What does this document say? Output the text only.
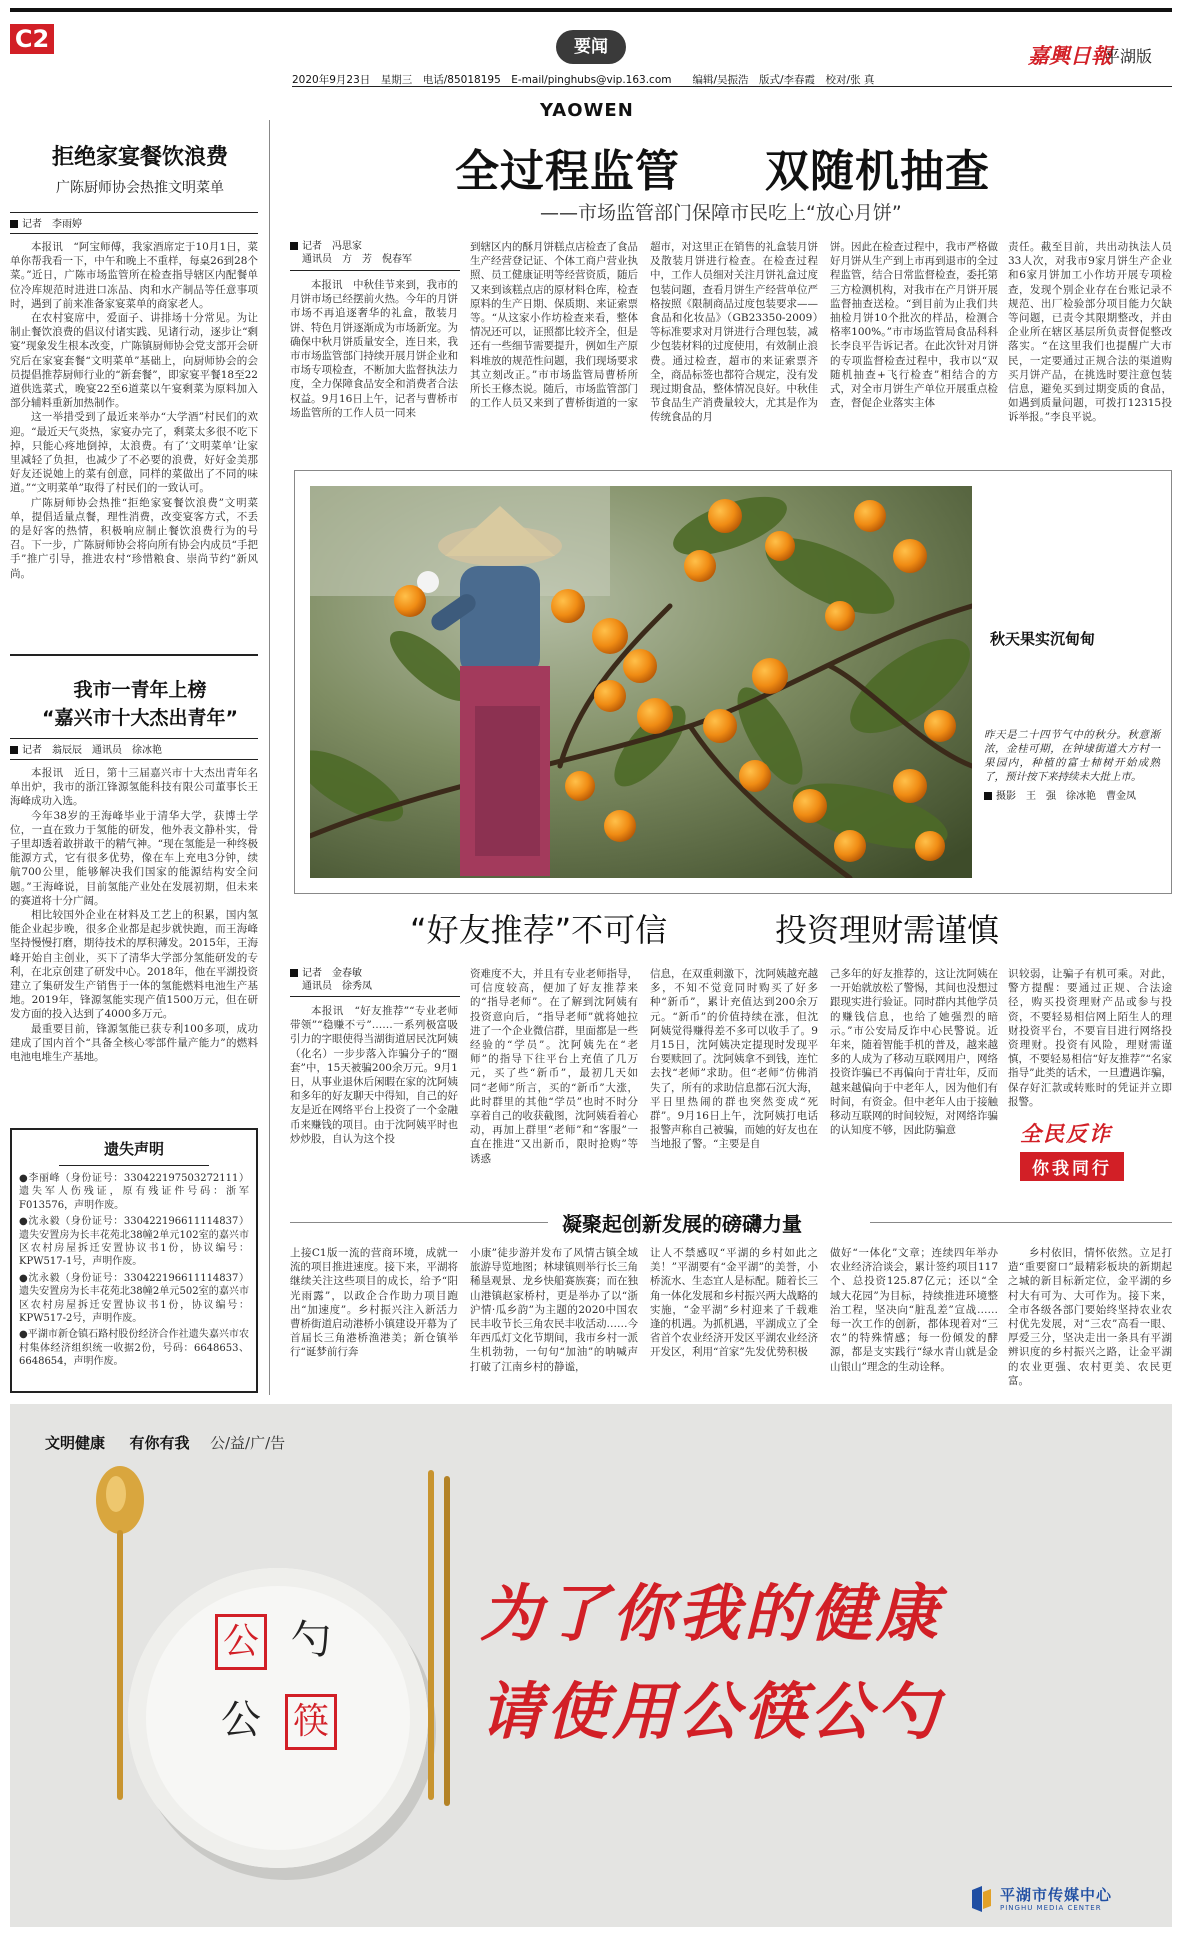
C2	要闻
2020年9月23日　星期三　电话/85018195　E-mail/pinghubs@vip.163.com　　编辑/吴振浩　版式/李春霞　校对/张 真
嘉興日報
平湖版
YAOWEN
拒绝家宴餐饮浪费
广陈厨师协会热推文明菜单
记者　李雨婷

本报讯　“阿宝师傅，我家酒席定于10月1日，菜单你帮我看一下，中午和晚上不重样，每桌26到28个菜。”近日，广陈市场监管所在检查指导辖区内配餐单位冷库规范时进进口冻品、肉和水产制品等任意事项时，遇到了前来准备家宴菜单的商家老人。

在农村宴席中，爱面子、讲排场十分常见。为让制止餐饮浪费的倡议付诸实践、见诸行动，逐步让“剩宴”现象发生根本改变，广陈镇厨师协会党支部开会研究后在家宴套餐“文明菜单”基础上，向厨师协会的会员提倡推荐厨师行业的“新套餐”，即家宴平餐18至22道供选菜式，晚宴22至6道菜以午宴剩菜为原料加入部分辅料重新加热制作。

这一举措受到了最近来举办“大学酒”村民们的欢迎。“最近天气炎热，家宴办完了，剩菜太多很不吃下掉，只能心疼地倒掉，太浪费。有了‘文明菜单’让家里减轻了负担，也减少了不必要的浪费，好好金美那好友还说她上的菜有创意，同样的菜做出了不同的味道。”“文明菜单”取得了村民们的一致认可。

广陈厨师协会热推“拒绝家宴餐饮浪费”文明菜单，提倡适量点餐，理性消费，改变宴客方式，不丢的是好客的热情，积极响应制止餐饮浪费行为的号召。下一步，广陈厨师协会将向所有协会内成员“手把手”推广引导，推进农村“珍惜粮食、崇尚节约”新风尚。

我市一青年上榜
“嘉兴市十大杰出青年”
记者　翁辰辰　通讯员　徐冰艳

本报讯　近日，第十三届嘉兴市十大杰出青年名单出炉，我市的浙江锋源氢能科技有限公司董事长王海峰成功入选。

今年38岁的王海峰毕业于清华大学，获博士学位，一直在致力于氢能的研发，他外表文静朴实，骨子里却透着敢拼敢干的精气神。“现在氢能是一种终极能源方式，它有很多优势，像在车上充电3分钟，续航700公里，能够解决我们国家的能源结构安全问题。”王海峰说，目前氢能产业处在发展初期，但未来的赛道将十分广阔。

相比较国外企业在材料及工艺上的积累，国内氢能企业起步晚，很多企业都是起步就快跑，而王海峰坚持慢慢打磨，期待技术的厚积薄发。2015年，王海峰开始自主创业，买下了清华大学部分氢能研发的专利，在北京创建了研发中心。2018年，他在平湖投资建立了集研发生产销售于一体的氢能燃料电池生产基地。2019年，锋源氢能实现产值1500万元，但在研发方面的投入达到了4000多万元。

最重要目前，锋源氢能已获专利100多项，成功建成了国内首个“具备全核心零部件量产能力”的燃料电池电堆生产基地。

遗失声明
●李丽峰（身份证号：330422197503272111）遗失军人伤残证，原有残证件号码：浙军F013576，声明作废。
●沈永毅（身份证号：330422196611114837）遗失安置房为长丰花苑北38幢2单元102室的嘉兴市区农村房屋拆迁安置协议书1份，协议编号：KPW517-1号，声明作废。
●沈永毅（身份证号：330422196611114837）遗失安置房为长丰花苑北38幢2单元502室的嘉兴市区农村房屋拆迁安置协议书1份，协议编号：KPW517-2号，声明作废。
●平湖市新仓镇石路村股份经济合作社遗失嘉兴市农村集体经济组织统一收据2份，号码：6648653、6648654，声明作废。
全过程监管 双随机抽查
——市场监管部门保障市民吃上“放心月饼”
记者　冯思家
通讯员　方　芳　倪春军

本报讯　中秋佳节来到，我市的月饼市场已经摆前火热。今年的月饼市场不再追逐奢华的礼盒，散装月饼、特色月饼逐渐成为市场新宠。为确保中秋月饼质量安全，连日来，我市市场监管部门持续开展月饼企业和市场专项检查，不断加大监督执法力度，全力保障食品安全和消费者合法权益。9月16日上午，记者与曹桥市场监管所的工作人员一同来

到辖区内的酥月饼糕点店检查了食品生产经营登记证、个体工商户营业执照、员工健康证明等经营资质，随后又来到该糕点店的原材料仓库，检查原料的生产日期、保质期、来证索票等。“从这家小作坊检查来看，整体情况还可以，证照都比较齐全，但是还有一些细节需要提升，例如生产原料堆放的规范性问题，我们现场要求其立刻改正。”市市场监管局曹桥所所长王修杰说。随后，市场监管部门的工作人员又来到了曹桥街道的一家

超市，对这里正在销售的礼盒装月饼及散装月饼进行检查。在检查过程中，工作人员细对关注月饼礼盒过度包装问题，查看月饼生产经营单位严格按照《限制商品过度包装要求——食品和化妆品》（GB23350-2009）等标准要求对月饼进行合理包装，减少包装材料的过度使用，有效制止浪费。通过检查，超市的来证索票齐全，商品标签也都符合规定，没有发现过期食品，整体情况良好。中秋佳节食品生产消费量较大，尤其是作为传统食品的月

饼。因此在检查过程中，我市严格做好月饼从生产到上市再到退市的全过程监管，结合日常监督检查，委托第三方检测机构，对我市在产月饼开展监督抽查送检。“到目前为止我们共抽检月饼10个批次的样品，检测合格率100%。”市市场监管局食品科科长李良平告诉记者。在此次针对月饼的专项监督检查过程中，我市以“双随机抽查+飞行检查”相结合的方式，对全市月饼生产单位开展重点检查，督促企业落实主体

责任。截至目前，共出动执法人员33人次，对我市9家月饼生产企业和6家月饼加工小作坊开展专项检查，发现个别企业存在台账记录不规范、出厂检验部分项目能力欠缺等问题，已责令其限期整改，并由企业所在辖区基层所负责督促整改落实。“在这里我们也提醒广大市民，一定要通过正规合法的渠道购买月饼产品，在挑选时要注意包装信息，避免买到过期变质的食品，如遇到质量问题，可拨打12315投诉举报。”李良平说。

秋天果实沉甸甸
昨天是二十四节气中的秋分。秋意渐浓，金桂可期，在钟埭街道大方村一果园内，种植的富士柿树开始成熟了，预计按下来持续未大批上市。
摄影　王　强　徐冰艳　曹金凤
“好友推荐”不可信	投资理财需谨慎
记者　金春敏
通讯员　徐秀凤

本报讯　“好友推荐”“专业老师带领”“稳赚不亏”……一系列极富吸引力的字眼使得当湖街道居民沈阿姨（化名）一步步落入诈骗分子的“圈套”中，15天被骗200余万元。9月1日，从事业退休后闲暇在家的沈阿姨和多年的好友聊天中得知，自己的好友是近在网络平台上投资了一个金融币来赚钱的项目。由于沈阿姨平时也炒炒股，自认为这个投

资难度不大，并且有专业老师指导，可信度较高，便加了好友推荐来的“指导老师”。在了解到沈阿姨有投资意向后，“指导老师”就将她拉进了一个企业微信群，里面都是一些经验的“学员”。沈阿姨先在“老师”的指导下往平台上充值了几万元，买了些“新币”，最初几天如同“老师”所言，买的“新币”大涨，此时群里的其他“学员”也时不时分享着自己的收获截图，沈阿姨看着心动，再加上群里“老师”和“客服”一直在推进“又出新币，限时抢购”等诱惑

信息，在双重刺激下，沈阿姨越充越多，不知不觉竟同时购买了好多种“新币”，累计充值达到200余万元。“新币”的价值持续在涨，但沈阿姨觉得赚得差不多可以收手了。9月15日，沈阿姨决定提现时发现平台要赎回了。沈阿姨拿不到钱，连忙去找“老师”求助。但“老师”仿佛消失了，所有的求助信息都石沉大海，平日里热闹的群也突然变成“死群”。9月16日上午，沈阿姨打电话报警声称自己被骗，而她的好友也在当地报了警。“主要是自

己多年的好友推荐的，这让沈阿姨在一开始就放松了警惕，其间也没想过跟现实进行验证。同时群内其他学员的赚钱信息，也给了她强烈的暗示。”市公安局反诈中心民警说。近年来，随着智能手机的普及，越来越多的人成为了移动互联网用户，网络投资诈骗已不再偏向于青壮年，反而越来越偏向于中老年人，因为他们有时间，有资金。但中老年人由于接触移动互联网的时间较短，对网络诈骗的认知度不够，因此防骗意

识较弱，让骗子有机可乘。对此，警方提醒：要通过正规、合法途径，购买投资理财产品或参与投资，不要轻易相信网上陌生人的理财投资平台，不要盲目进行网络投资理财。投资有风险，理财需谨慎，不要轻易相信“好友推荐”“名家指导”此类的话术，一旦遭遇诈骗，保存好汇款或转账时的凭证并立即报警。

全民反诈
你我同行
凝聚起创新发展的磅礴力量

上接C1版一流的营商环境，成就一流的项目推进速度。接下来，平湖将继续关注这些项目的成长，给予“阳光雨露”，以政企合作助力项目跑出“加速度”。乡村振兴注入新活力曹桥街道启动港桥小镇建设开幕为了首届长三角港桥渔港美；新仓镇举行“诞梦前行奔

小康”徒步游并发布了风情古镇全域旅游导览地图；林埭镇则举行长三角稀垦观景、龙乡快船赛族赛；而在独山港镇赵家桥村，更是举办了以“浙沪情·瓜乡韵”为主题的2020中国农民丰收节长三角农民丰收活动……今年西瓜灯文化节期间，我市乡村一派生机勃勃，一句句“加油”的呐喊声打破了江南乡村的静谧，

让人不禁感叹“平湖的乡村如此之美！”平湖要有“金平湖”的美誉，小桥流水、生态宜人是标配。随着长三角一体化发展和乡村振兴两大战略的实施，“金平湖”乡村迎来了千载难逢的机遇。为抓机遇，平湖成立了全省首个农业经济开发区平湖农业经济开发区，利用“首家”先发优势积极

做好“一体化”文章；连续四年举办农业经济洽谈会，累计签约项目117个、总投资125.87亿元；还以“全域大花园”为目标，持续推进环境整治工程，坚决向“脏乱差”宣战……每一次工作的创新，都体现着对“三农”的特殊情感；每一份倾发的酵源，都是支实践行“绿水青山就是金山银山”理念的生动诠释。

乡村依旧，情怀依然。立足打造“重要窗口”最精彩板块的新期起之城的新目标新定位，金平湖的乡村大有可为、大可作为。接下来，全市各级各部门要始终坚持农业农村优先发展，对“三农”高看一眼、厚爱三分，坚决走出一条具有平湖辨识度的乡村振兴之路，让金平湖的农业更强、农村更美、农民更富。

文明健康 有你有我 公/益/广/告
公 勺
公 筷
为了你我的健康
请使用公筷公勺
平湖市传媒中心
PINGHU MEDIA CENTER
